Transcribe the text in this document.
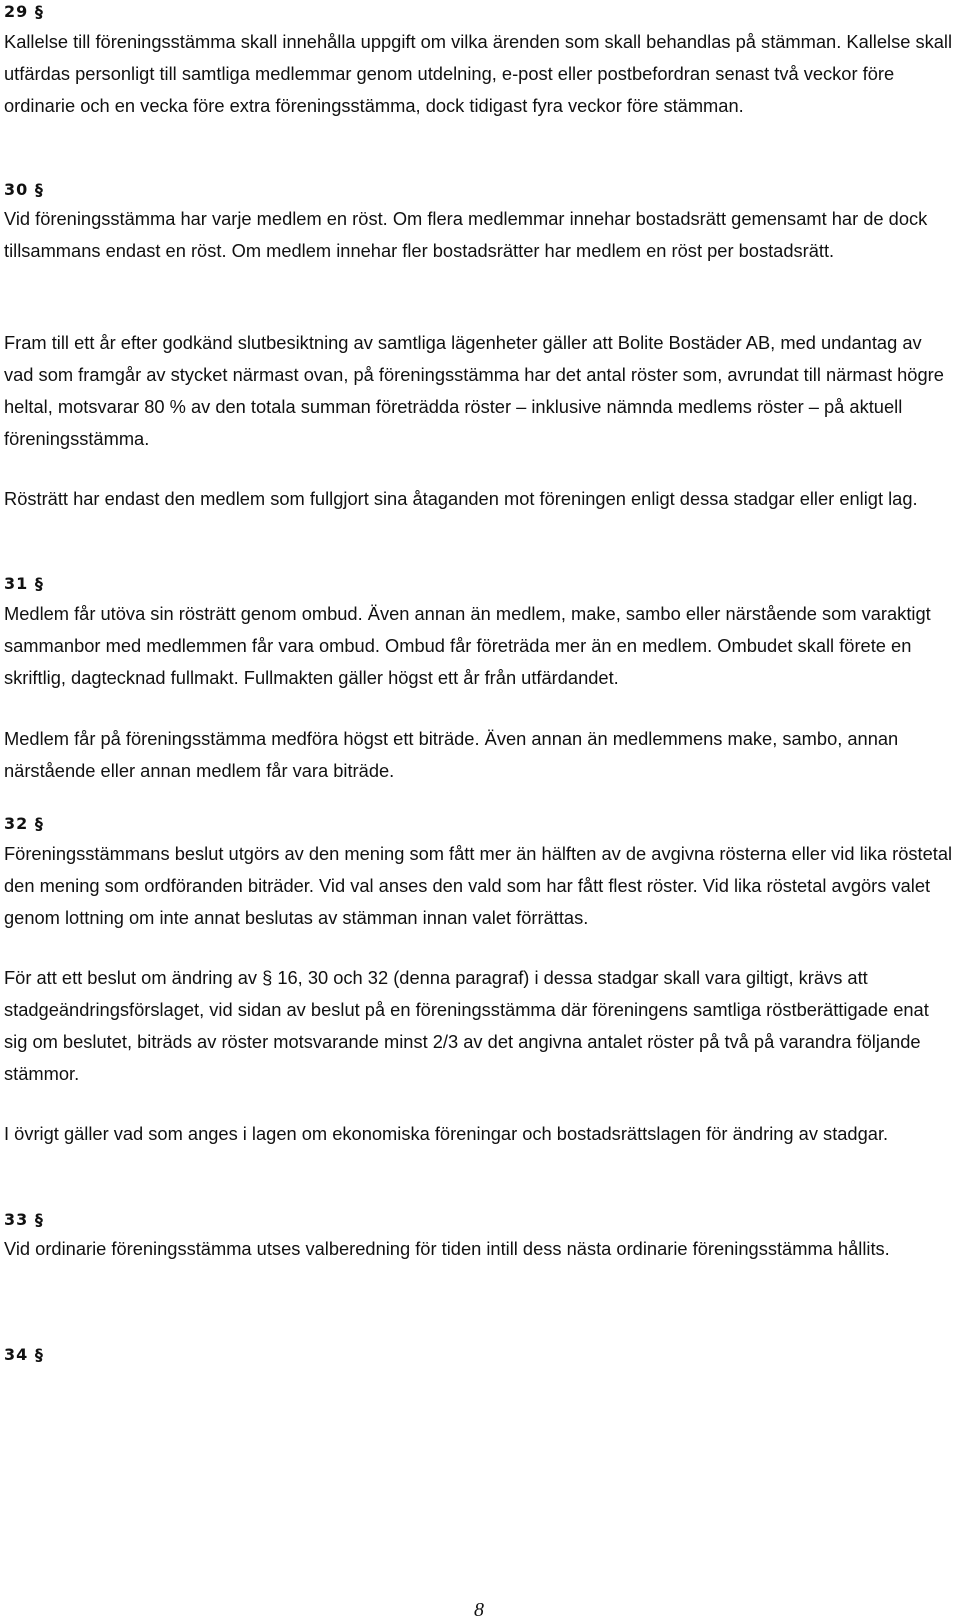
29 §

Kallelse till föreningsstämma skall innehålla uppgift om vilka ärenden som skall behandlas på stämman. Kallelse skall utfärdas personligt till samtliga medlemmar genom utdelning, e-post eller postbefordran senast två veckor före ordinarie och en vecka före extra föreningsstämma, dock tidigast fyra veckor före stämman.

30 §

Vid föreningsstämma har varje medlem en röst. Om flera medlemmar innehar bostadsrätt gemensamt har de dock tillsammans endast en röst. Om medlem innehar fler bostadsrätter har medlem en röst per bostadsrätt.

Fram till ett år efter godkänd slutbesiktning av samtliga lägenheter gäller att Bolite Bostäder AB, med undantag av vad som framgår av stycket närmast ovan, på föreningsstämma har det antal röster som, avrundat till närmast högre heltal, motsvarar 80 % av den totala summan företrädda röster – inklusive nämnda medlems röster – på aktuell föreningsstämma.

Rösträtt har endast den medlem som fullgjort sina åtaganden mot föreningen enligt dessa stadgar eller enligt lag.

31 §

Medlem får utöva sin rösträtt genom ombud. Även annan än medlem, make, sambo eller närstående som varaktigt sammanbor med medlemmen får vara ombud. Ombud får företräda mer än en medlem. Ombudet skall förete en skriftlig, dagtecknad fullmakt. Fullmakten gäller högst ett år från utfärdandet.

Medlem får på föreningsstämma medföra högst ett biträde. Även annan än medlemmens make, sambo, annan närstående eller annan medlem får vara biträde.

32 §

Föreningsstämmans beslut utgörs av den mening som fått mer än hälften av de avgivna rösterna eller vid lika röstetal den mening som ordföranden biträder. Vid val anses den vald som har fått flest röster. Vid lika röstetal avgörs valet genom lottning om inte annat beslutas av stämman innan valet förrättas.

För att ett beslut om ändring av § 16, 30 och 32 (denna paragraf) i dessa stadgar skall vara giltigt, krävs att stadgeändringsförslaget, vid sidan av beslut på en föreningsstämma där föreningens samtliga röstberättigade enat sig om beslutet, biträds av röster motsvarande minst 2/3 av det angivna antalet röster på två på varandra följande stämmor.

I övrigt gäller vad som anges i lagen om ekonomiska föreningar och bostadsrättslagen för ändring av stadgar.

33 §

Vid ordinarie föreningsstämma utses valberedning för tiden intill dess nästa ordinarie föreningsstämma hållits.

34 §
8
